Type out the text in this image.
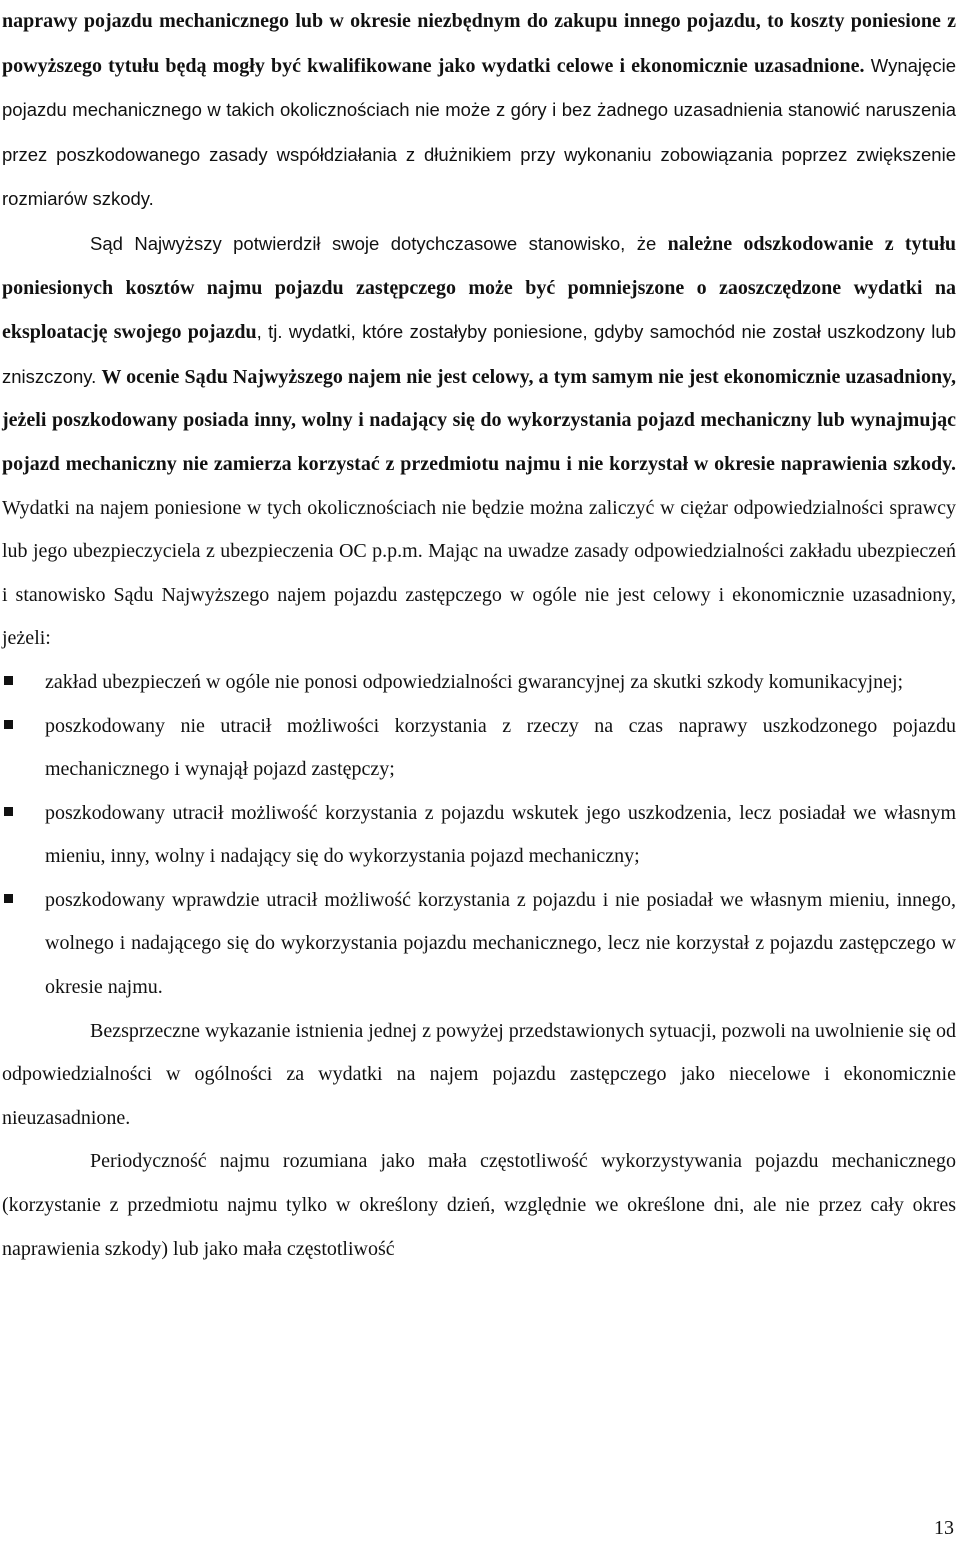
naprawy pojazdu mechanicznego lub w okresie niezbędnym do zakupu innego pojazdu, to koszty poniesione z powyższego tytułu będą mogły być kwalifikowane jako wydatki celowe i ekonomicznie uzasadnione. Wynajęcie pojazdu mechanicznego w takich okolicznościach nie może z góry i bez żadnego uzasadnienia stanowić naruszenia przez poszkodowanego zasady współdziałania z dłużnikiem przy wykonaniu zobowiązania poprzez zwiększenie rozmiarów szkody.

Sąd Najwyższy potwierdził swoje dotychczasowe stanowisko, że należne odszkodowanie z tytułu poniesionych kosztów najmu pojazdu zastępczego może być pomniejszone o zaoszczędzone wydatki na eksploatację swojego pojazdu, tj. wydatki, które zostałyby poniesione, gdyby samochód nie został uszkodzony lub zniszczony. W ocenie Sądu Najwyższego najem nie jest celowy, a tym samym nie jest ekonomicznie uzasadniony, jeżeli poszkodowany posiada inny, wolny i nadający się do wykorzystania pojazd mechaniczny lub wynajmując pojazd mechaniczny nie zamierza korzystać z przedmiotu najmu i nie korzystał w okresie naprawienia szkody. Wydatki na najem poniesione w tych okolicznościach nie będzie można zaliczyć w ciężar odpowiedzialności sprawcy lub jego ubezpieczyciela z ubezpieczenia OC p.p.m. Mając na uwadze zasady odpowiedzialności zakładu ubezpieczeń i stanowisko Sądu Najwyższego najem pojazdu zastępczego w ogóle nie jest celowy i ekonomicznie uzasadniony, jeżeli:

zakład ubezpieczeń w ogóle nie ponosi odpowiedzialności gwarancyjnej za skutki szkody komunikacyjnej;
poszkodowany nie utracił możliwości korzystania z rzeczy na czas naprawy uszkodzonego pojazdu mechanicznego i wynajął pojazd zastępczy;
poszkodowany utracił możliwość korzystania z pojazdu wskutek jego uszkodzenia, lecz posiadał we własnym mieniu, inny, wolny i nadający się do wykorzystania pojazd mechaniczny;
poszkodowany wprawdzie utracił możliwość korzystania z pojazdu i nie posiadał we własnym mieniu, innego, wolnego i nadającego się do wykorzystania pojazdu mechanicznego, lecz nie korzystał z pojazdu zastępczego w okresie najmu.

Bezsprzeczne wykazanie istnienia jednej z powyżej przedstawionych sytuacji, pozwoli na uwolnienie się od odpowiedzialności w ogólności za wydatki na najem pojazdu zastępczego jako niecelowe i ekonomicznie nieuzasadnione.

Periodyczność najmu rozumiana jako mała częstotliwość wykorzystywania pojazdu mechanicznego (korzystanie z przedmiotu najmu tylko w określony dzień, względnie we określone dni, ale nie przez cały okres naprawienia szkody) lub jako mała częstotliwość

13
